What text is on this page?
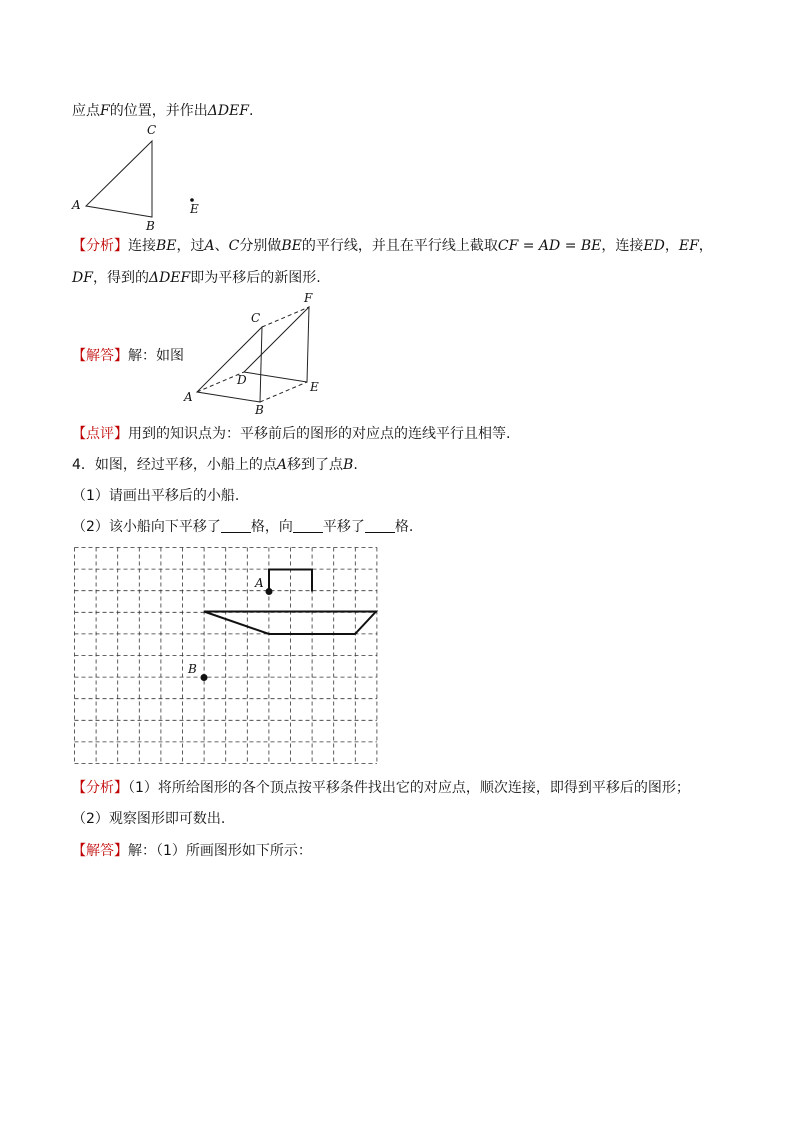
应点F的位置，并作出ΔDEF.
C
A
B
E
【分析】连接BE，过A、C分别做BE的平行线，并且在平行线上截取CF = AD = BE，连接ED，EF，
DF，得到的ΔDEF即为平移后的新图形.
【解答】解：如图
F
C
D	E
A
B
【点评】用到的知识点为：平移前后的图形的对应点的连线平行且相等.
4．如图，经过平移，小船上的点A移到了点B.
（1）请画出平移后的小船.
（2）该小船向下平移了 格，向 平移了 格.
A
B
【分析】（1）将所给图形的各个顶点按平移条件找出它的对应点，顺次连接，即得到平移后的图形；
（2）观察图形即可数出.
【解答】解：（1）所画图形如下所示：
